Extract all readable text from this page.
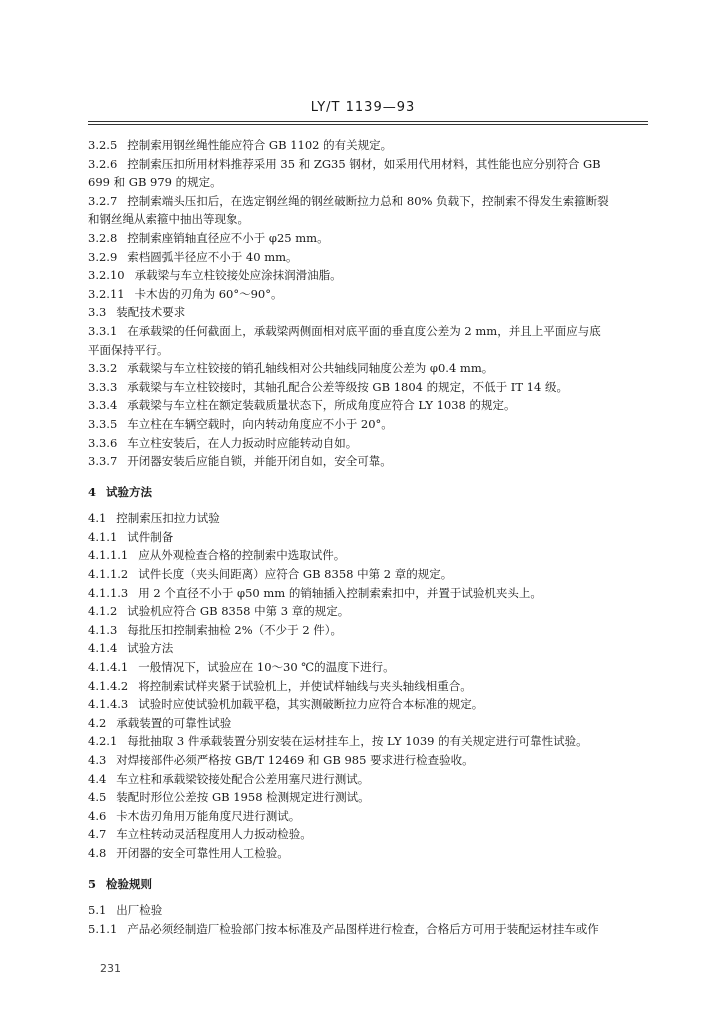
LY/T 1139—93
3.2.5 控制索用钢丝绳性能应符合 GB 1102 的有关规定。
3.2.6 控制索压扣所用材料推荐采用 35 和 ZG35 钢材，如采用代用材料，其性能也应分别符合 GB
699 和 GB 979 的规定。
3.2.7 控制索端头压扣后，在选定钢丝绳的钢丝破断拉力总和 80% 负载下，控制索不得发生索箍断裂
和钢丝绳从索箍中抽出等现象。
3.2.8 控制索座销轴直径应不小于 φ25 mm。
3.2.9 索档圆弧半径应不小于 40 mm。
3.2.10 承载梁与车立柱铰接处应涂抹润滑油脂。
3.2.11 卡木齿的刃角为 60°～90°。
3.3 装配技术要求
3.3.1 在承载梁的任何截面上，承载梁两侧面相对底平面的垂直度公差为 2 mm，并且上平面应与底
平面保持平行。
3.3.2 承载梁与车立柱铰接的销孔轴线相对公共轴线同轴度公差为 φ0.4 mm。
3.3.3 承载梁与车立柱铰接时，其轴孔配合公差等级按 GB 1804 的规定，不低于 IT 14 级。
3.3.4 承载梁与车立柱在额定装载质量状态下，所成角度应符合 LY 1038 的规定。
3.3.5 车立柱在车辆空载时，向内转动角度应不小于 20°。
3.3.6 车立柱安装后，在人力扳动时应能转动自如。
3.3.7 开闭器安装后应能自锁，并能开闭自如，安全可靠。
4 试验方法
4.1 控制索压扣拉力试验
4.1.1 试件制备
4.1.1.1 应从外观检查合格的控制索中选取试件。
4.1.1.2 试件长度（夹头间距离）应符合 GB 8358 中第 2 章的规定。
4.1.1.3 用 2 个直径不小于 φ50 mm 的销轴插入控制索索扣中，并置于试验机夹头上。
4.1.2 试验机应符合 GB 8358 中第 3 章的规定。
4.1.3 每批压扣控制索抽检 2%（不少于 2 件）。
4.1.4 试验方法
4.1.4.1 一般情况下，试验应在 10～30 ℃的温度下进行。
4.1.4.2 将控制索试样夹紧于试验机上，并使试样轴线与夹头轴线相重合。
4.1.4.3 试验时应使试验机加载平稳，其实测破断拉力应符合本标准的规定。
4.2 承载装置的可靠性试验
4.2.1 每批抽取 3 件承载装置分别安装在运材挂车上，按 LY 1039 的有关规定进行可靠性试验。
4.3 对焊接部件必须严格按 GB/T 12469 和 GB 985 要求进行检查验收。
4.4 车立柱和承载梁铰接处配合公差用塞尺进行测试。
4.5 装配时形位公差按 GB 1958 检测规定进行测试。
4.6 卡木齿刃角用万能角度尺进行测试。
4.7 车立柱转动灵活程度用人力扳动检验。
4.8 开闭器的安全可靠性用人工检验。
5 检验规则
5.1 出厂检验
5.1.1 产品必须经制造厂检验部门按本标准及产品图样进行检查，合格后方可用于装配运材挂车或作
231
